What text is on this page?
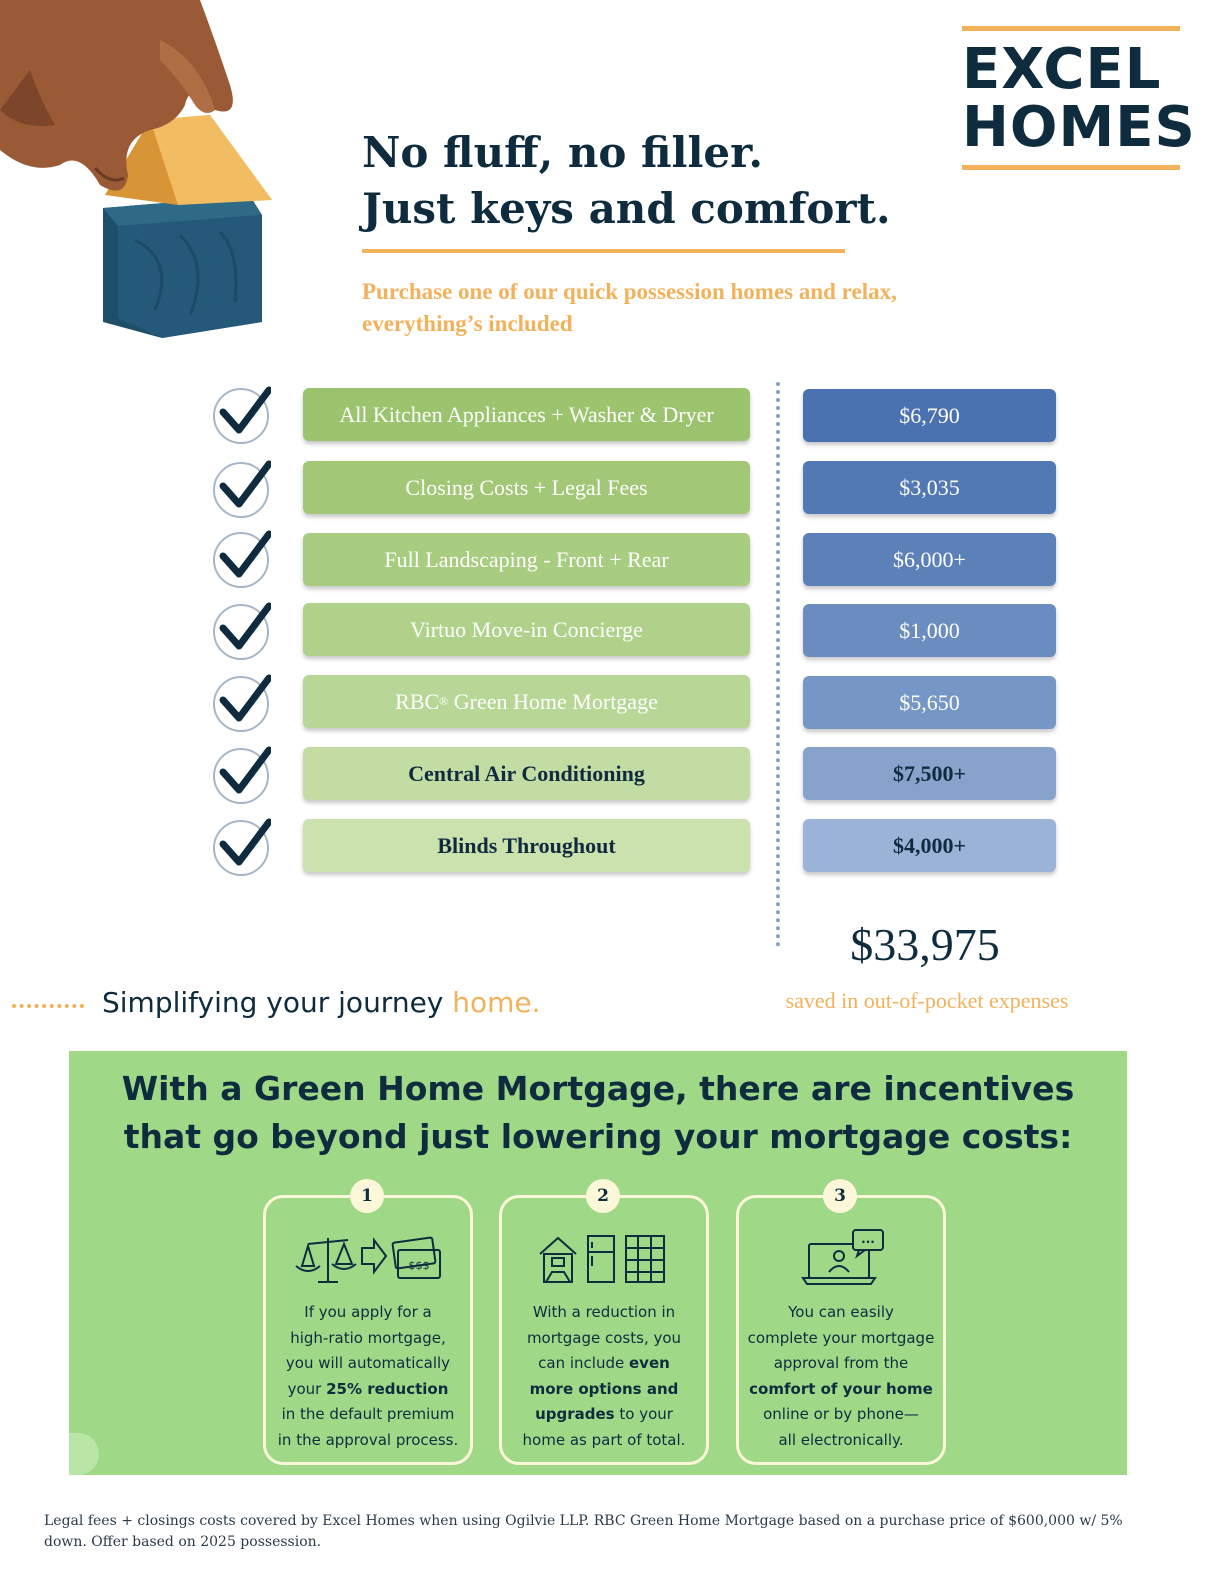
EXCEL
HOMES
No fluff, no filler.
Just keys and comfort.

Purchase one of our quick possession homes and relax,
everything’s included

All Kitchen Appliances + Washer & Dryer
Closing Costs + Legal Fees
Full Landscaping - Front + Rear
Virtuo Move-in Concierge
RBC ® Green Home Mortgage
Central Air Conditioning
Blinds Throughout
$6,790
$3,035
$6,000+
$1,000
$5,650
$7,500+
$4,000+
$33,975
saved in out-of-pocket expenses
Simplifying your journey home.
With a Green Home Mortgage, there are incentives
that go beyond just lowering your mortgage costs:
1
$$$
If you apply for a
high-ratio mortgage,
you will automatically
your 25% reduction
in the default premium
in the approval process.
2
With a reduction in
mortgage costs, you
can include even
more options and
upgrades to your
home as part of total.
3
...
You can easily
complete your mortgage
approval from the
comfort of your home
online or by phone—
all electronically.

Legal fees + closings costs covered by Excel Homes when using Ogilvie LLP. RBC Green Home Mortgage based on a purchase price of $600,000 w/ 5% down. Offer based on 2025 possession.
